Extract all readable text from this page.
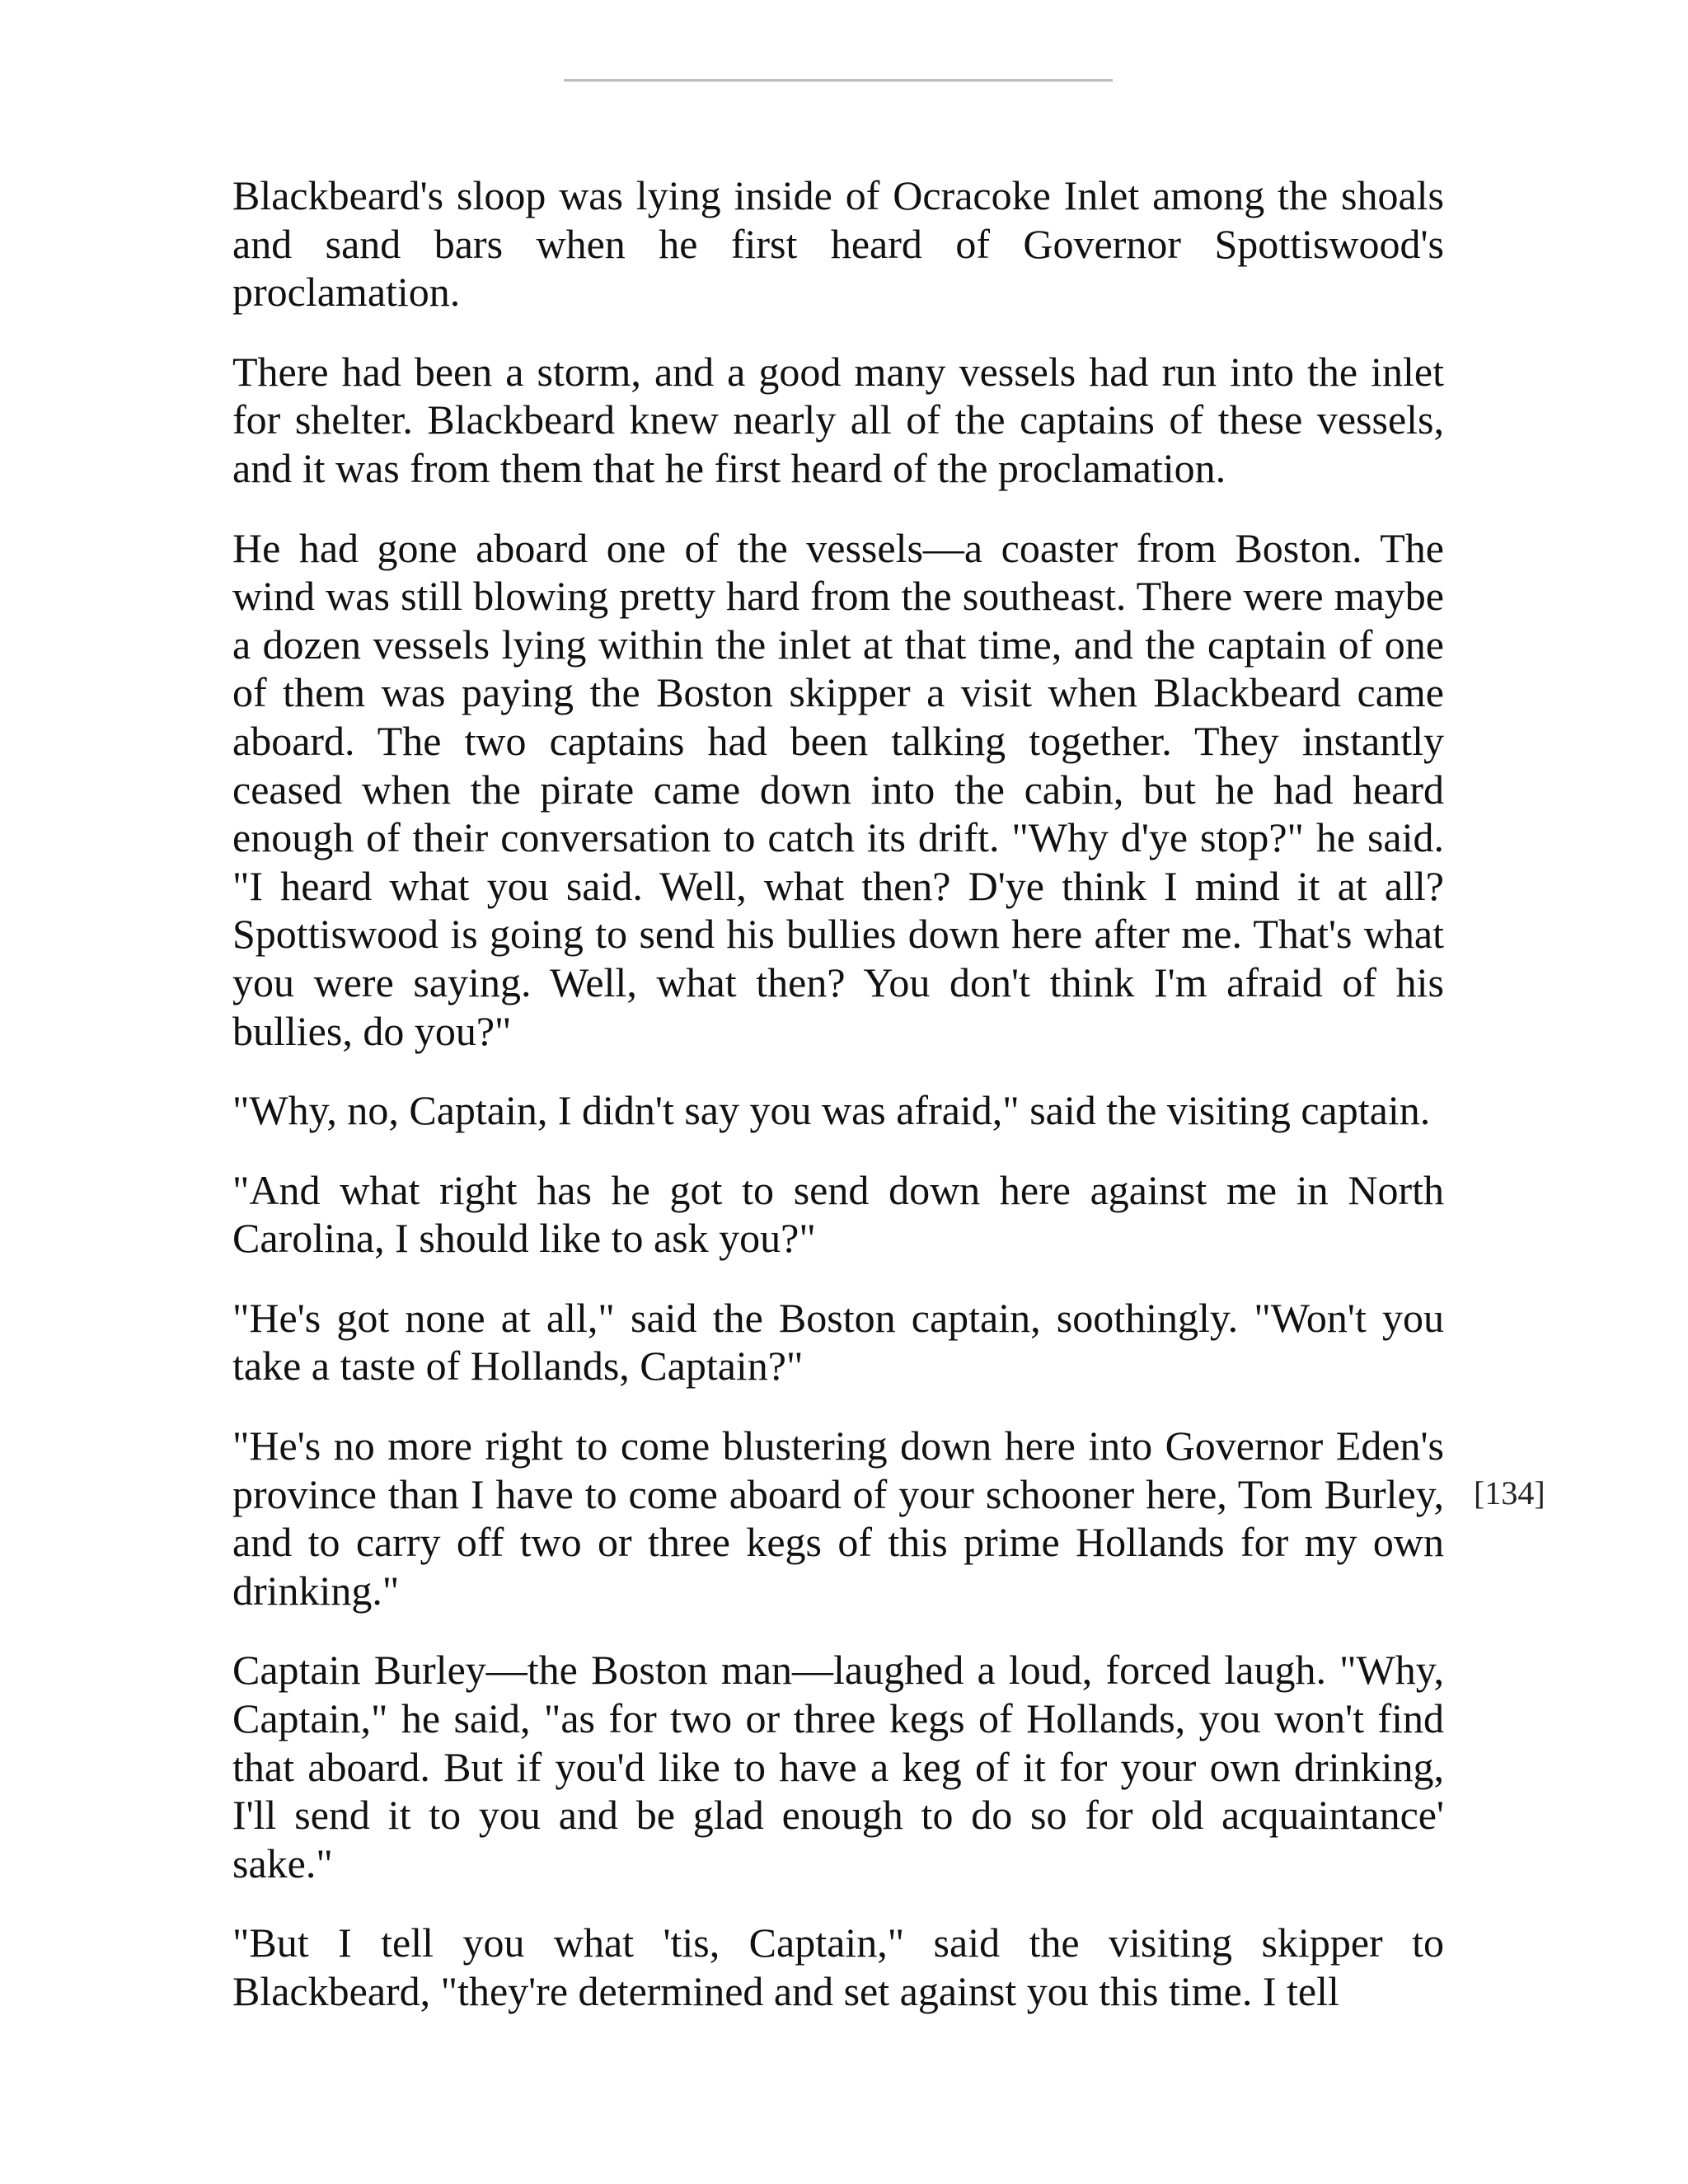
Blackbeard's sloop was lying inside of Ocracoke Inlet among the shoals and sand bars when he first heard of Governor Spottiswood's proclamation.

There had been a storm, and a good many vessels had run into the inlet for shelter. Blackbeard knew nearly all of the captains of these vessels, and it was from them that he first heard of the proclamation.

He had gone aboard one of the vessels—a coaster from Boston. The wind was still blowing pretty hard from the southeast. There were maybe a dozen vessels lying within the inlet at that time, and the captain of one of them was paying the Boston skipper a visit when Blackbeard came aboard. The two captains had been talking together. They instantly ceased when the pirate came down into the cabin, but he had heard enough of their conversation to catch its drift. "Why d'ye stop?" he said. "I heard what you said. Well, what then? D'ye think I mind it at all? Spottiswood is going to send his bullies down here after me. That's what you were saying. Well, what then? You don't think I'm afraid of his bullies, do you?"

"Why, no, Captain, I didn't say you was afraid," said the visiting captain.

"And what right has he got to send down here against me in North Carolina, I should like to ask you?"

"He's got none at all," said the Boston captain, soothingly. "Won't you take a taste of Hollands, Captain?"

"He's no more right to come blustering down here into Governor Eden's province than I have to come aboard of your schooner here, Tom Burley, and to carry off two or three kegs of this prime Hollands for my own drinking."

Captain Burley—the Boston man—laughed a loud, forced laugh. "Why, Captain," he said, "as for two or three kegs of Hollands, you won't find that aboard. But if you'd like to have a keg of it for your own drinking, I'll send it to you and be glad enough to do so for old acquaintance' sake."

"But I tell you what 'tis, Captain," said the visiting skipper to Blackbeard, "they're determined and set against you this time. I tell

[134]
